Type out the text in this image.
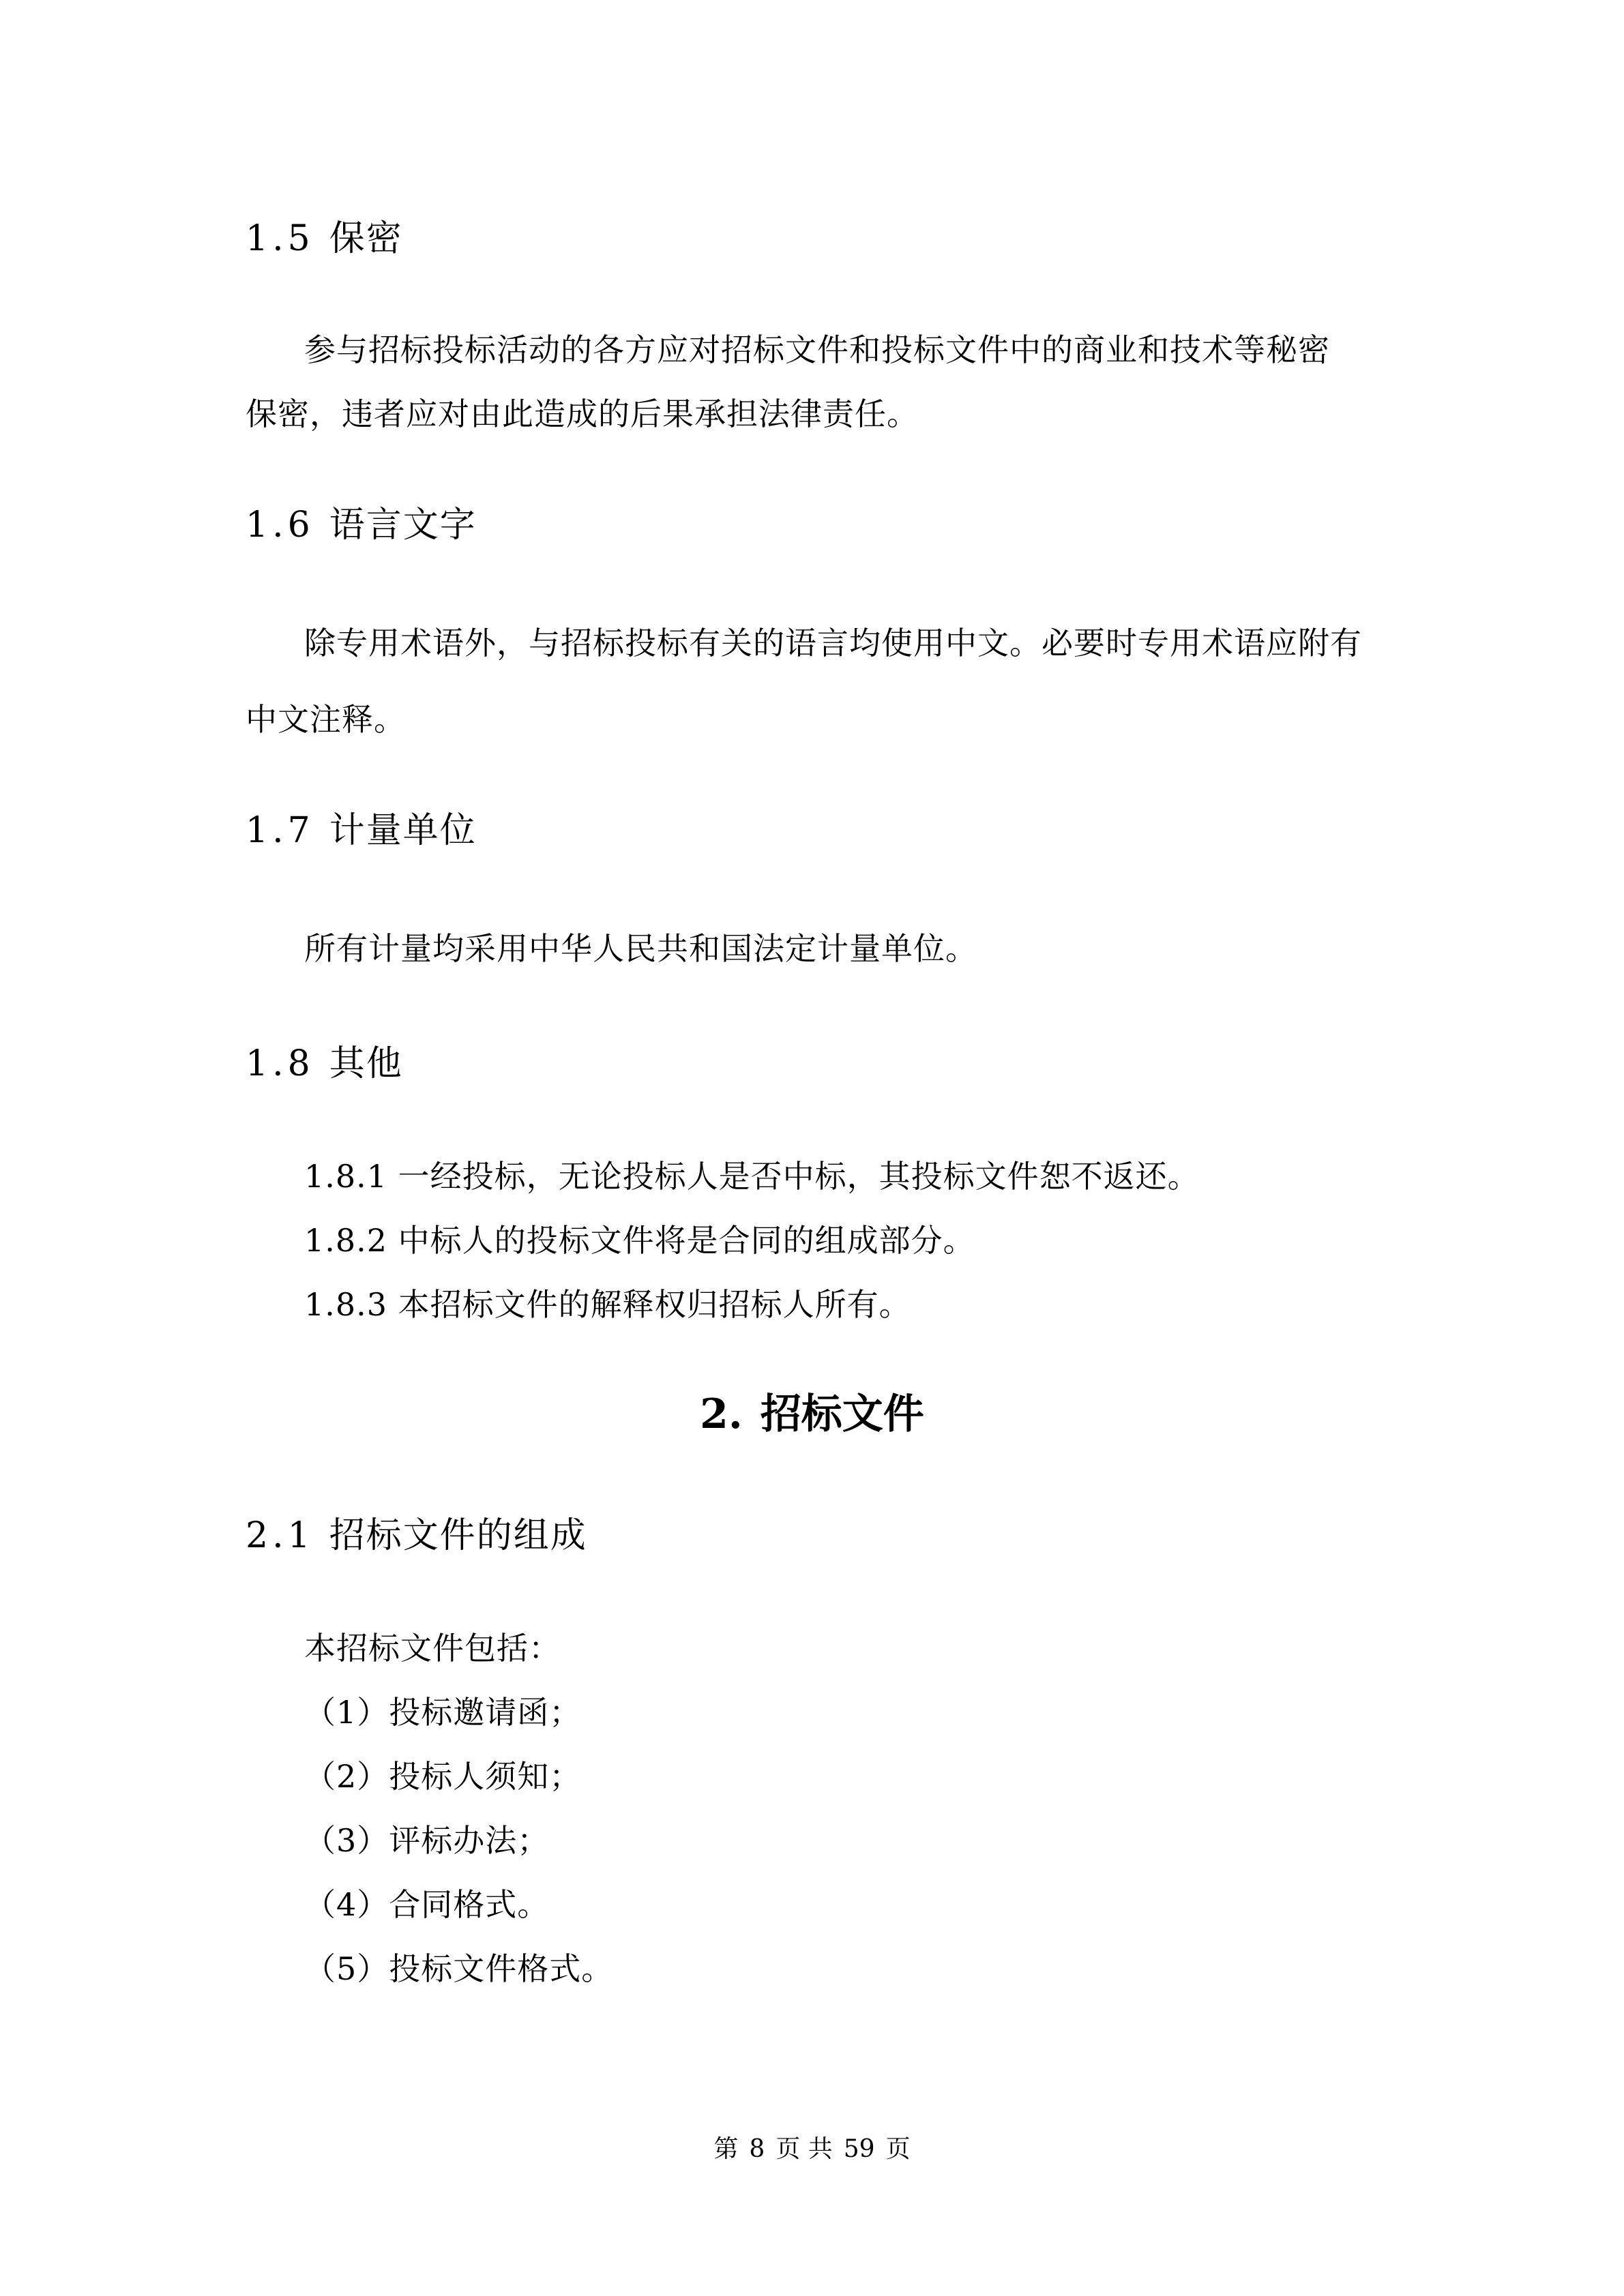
1.5 保密
参与招标投标活动的各方应对招标文件和投标文件中的商业和技术等秘密
保密，违者应对由此造成的后果承担法律责任。
1.6 语言文字
除专用术语外，与招标投标有关的语言均使用中文。必要时专用术语应附有
中文注释。
1.7 计量单位
所有计量均采用中华人民共和国法定计量单位。
1.8 其他
1.8.1 一经投标，无论投标人是否中标，其投标文件恕不返还。
1.8.2 中标人的投标文件将是合同的组成部分。
1.8.3 本招标文件的解释权归招标人所有。
2. 招标文件
2.1 招标文件的组成
本招标文件包括：
（1）投标邀请函；
（2）投标人须知；
（3）评标办法；
（4）合同格式。
（5）投标文件格式。
第 8 页 共 59 页
